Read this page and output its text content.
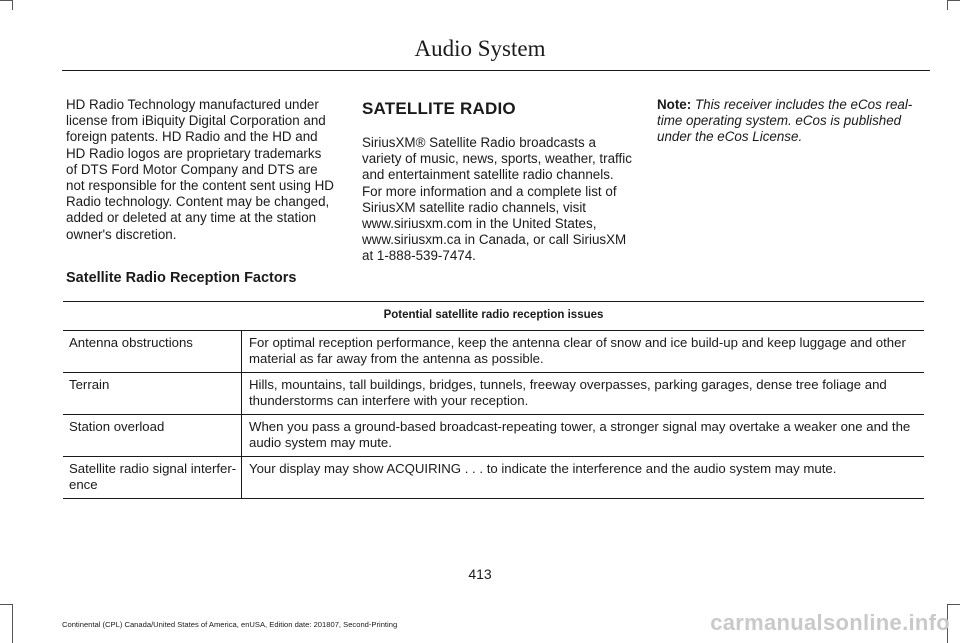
Audio System

HD Radio Technology manufactured under license from iBiquity Digital Corporation and foreign patents. HD Radio and the HD and HD Radio logos are proprietary trademarks of DTS Ford Motor Company and DTS are not responsible for the content sent using HD Radio technology. Content may be changed, added or deleted at any time at the station owner's discretion.

SATELLITE RADIO

SiriusXM® Satellite Radio broadcasts a variety of music, news, sports, weather, traffic and entertainment satellite radio channels. For more information and a complete list of SiriusXM satellite radio channels, visit www.siriusxm.com in the United States, www.siriusxm.ca in Canada, or call SiriusXM at 1-888-539-7474.

Note: This receiver includes the eCos real-time operating system. eCos is published under the eCos License.

Satellite Radio Reception Factors
Potential satellite radio reception issues	
Antenna obstructions	For optimal reception performance, keep the antenna clear of snow and ice build-up and keep luggage and other material as far away from the antenna as possible.
Terrain	Hills, mountains, tall buildings, bridges, tunnels, freeway overpasses, parking garages, dense tree foliage and thunderstorms can interfere with your reception.
Station overload	When you pass a ground-based broadcast-repeating tower, a stronger signal may overtake a weaker one and the audio system may mute.
Satellite radio signal interfer-ence	Your display may show ACQUIRING . . . to indicate the interference and the audio system may mute.
413
Continental (CPL) Canada/United States of America, enUSA, Edition date: 201807, Second-Printing	carmanualsonline.info
